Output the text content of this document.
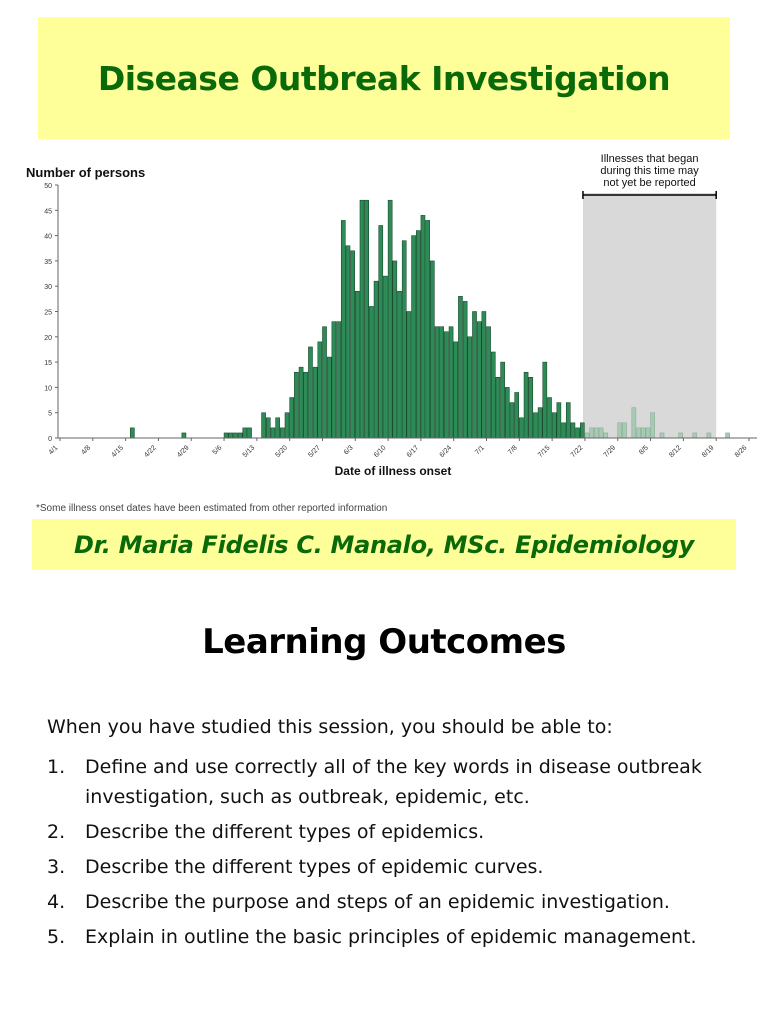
Disease Outbreak Investigation
Number of persons
Date of illness onset
*Some illness onset dates have been estimated from other reported information
Illnesses that began during this time may not yet be reported
0
5
10
15
20
25
30
35
40
45
50
4/1	4/8	4/15	4/22	4/29	5/6	5/13	5/20	5/27	6/3	6/10	6/17	6/24	7/1	7/8	7/15	7/22	7/29	8/5	8/12	8/19	8/26
Dr. Maria Fidelis C. Manalo, MSc. Epidemiology
Learning Outcomes

When you have studied this session, you should be able to:

1.	Define and use correctly all of the key words in disease outbreak investigation, such as outbreak, epidemic, etc.
2.	Describe the different types of epidemics.
3.	Describe the different types of epidemic curves.
4.	Describe the purpose and steps of an epidemic investigation.
5.	Explain in outline the basic principles of epidemic management.
